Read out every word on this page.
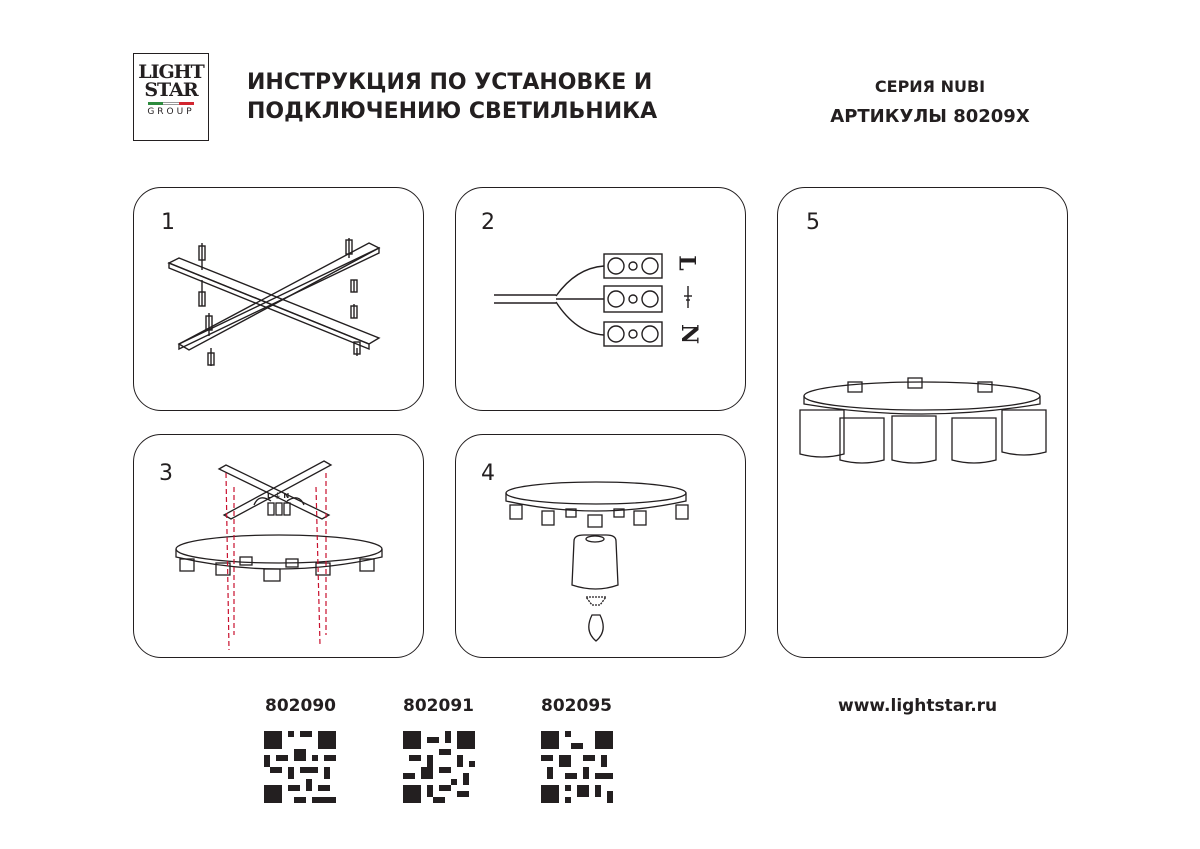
LIGHT
STAR
GROUP
ИНСТРУКЦИЯ ПО УСТАНОВКЕ И
ПОДКЛЮЧЕНИЮ СВЕТИЛЬНИКА
СЕРИЯ NUBI
АРТИКУЛЫ 80209Х
1	2
L
N
3
L ⏚ N
4
5
802090	802091	802095	www.lightstar.ru
